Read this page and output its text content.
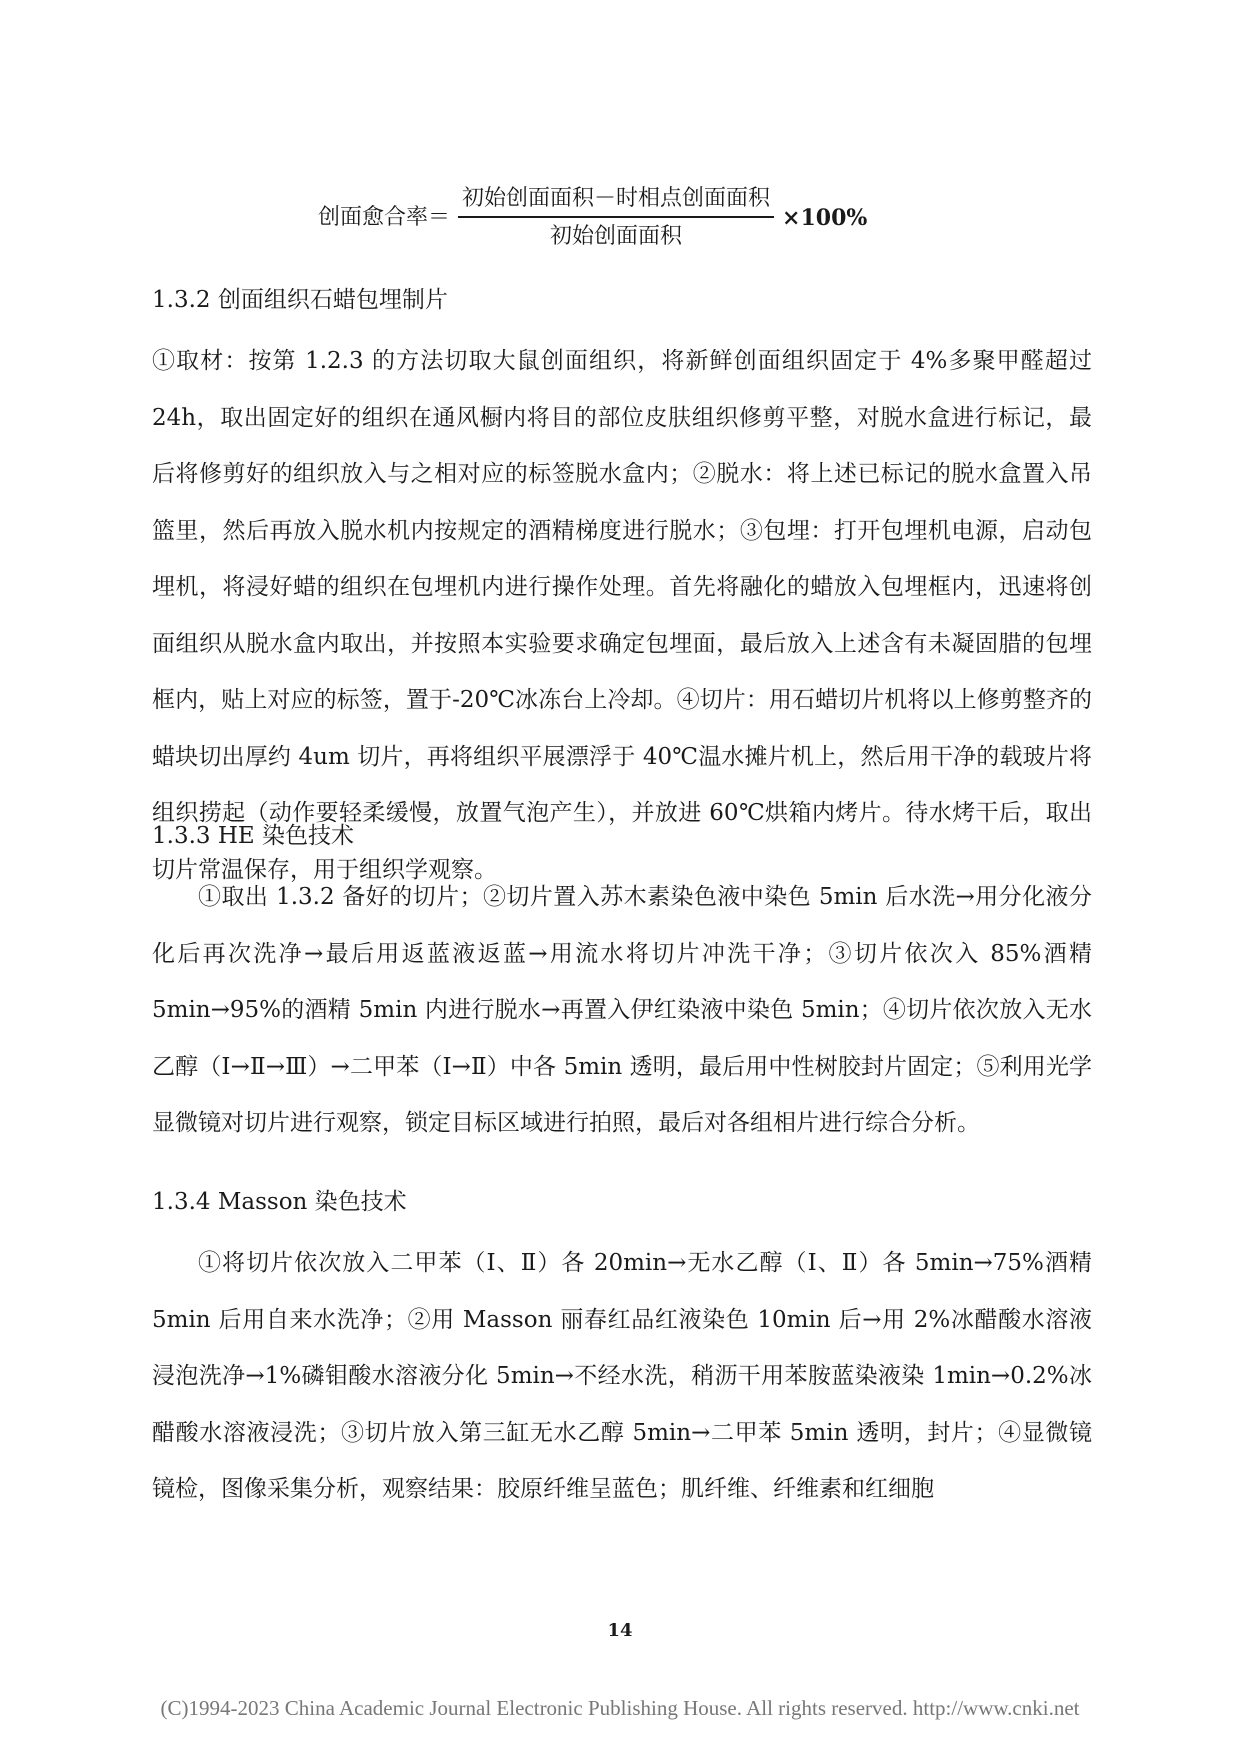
创面愈合率＝ $\frac{\text{初始创面面积－时相点创面面积}}{\text{初始创面面积}} \times 100\%$
1.3.2 创面组织石蜡包埋制片

①取材：按第 1.2.3 的方法切取大鼠创面组织，将新鲜创面组织固定于 4%多聚甲醛超过 24h，取出固定好的组织在通风橱内将目的部位皮肤组织修剪平整，对脱水盒进行标记，最后将修剪好的组织放入与之相对应的标签脱水盒内；②脱水：将上述已标记的脱水盒置入吊篮里，然后再放入脱水机内按规定的酒精梯度进行脱水；③包埋：打开包埋机电源，启动包埋机，将浸好蜡的组织在包埋机内进行操作处理。首先将融化的蜡放入包埋框内，迅速将创面组织从脱水盒内取出，并按照本实验要求确定包埋面，最后放入上述含有未凝固腊的包埋框内，贴上对应的标签，置于-20℃冰冻台上冷却。④切片：用石蜡切片机将以上修剪整齐的蜡块切出厚约 4um 切片，再将组织平展漂浮于 40℃温水摊片机上，然后用干净的载玻片将组织捞起（动作要轻柔缓慢，放置气泡产生），并放进 60℃烘箱内烤片。待水烤干后，取出切片常温保存，用于组织学观察。

1.3.3 HE 染色技术

①取出 1.3.2 备好的切片；②切片置入苏木素染色液中染色 5min 后水洗→用分化液分化后再次洗净→最后用返蓝液返蓝→用流水将切片冲洗干净；③切片依次入 85%酒精 5min→95%的酒精 5min 内进行脱水→再置入伊红染液中染色 5min；④切片依次放入无水乙醇（Ⅰ→Ⅱ→Ⅲ）→二甲苯（Ⅰ→Ⅱ）中各 5min 透明，最后用中性树胶封片固定；⑤利用光学显微镜对切片进行观察，锁定目标区域进行拍照，最后对各组相片进行综合分析。

1.3.4 Masson 染色技术

①将切片依次放入二甲苯（Ⅰ、Ⅱ）各 20min→无水乙醇（Ⅰ、Ⅱ）各 5min→75%酒精 5min 后用自来水洗净；②用 Masson 丽春红品红液染色 10min 后→用 2%冰醋酸水溶液浸泡洗净→1%磷钼酸水溶液分化 5min→不经水洗，稍沥干用苯胺蓝染液染 1min→0.2%冰醋酸水溶液浸洗；③切片放入第三缸无水乙醇 5min→二甲苯 5min 透明，封片；④显微镜镜检，图像采集分析，观察结果：胶原纤维呈蓝色；肌纤维、纤维素和红细胞

14
(C)1994-2023 China Academic Journal Electronic Publishing House. All rights reserved. http://www.cnki.net
